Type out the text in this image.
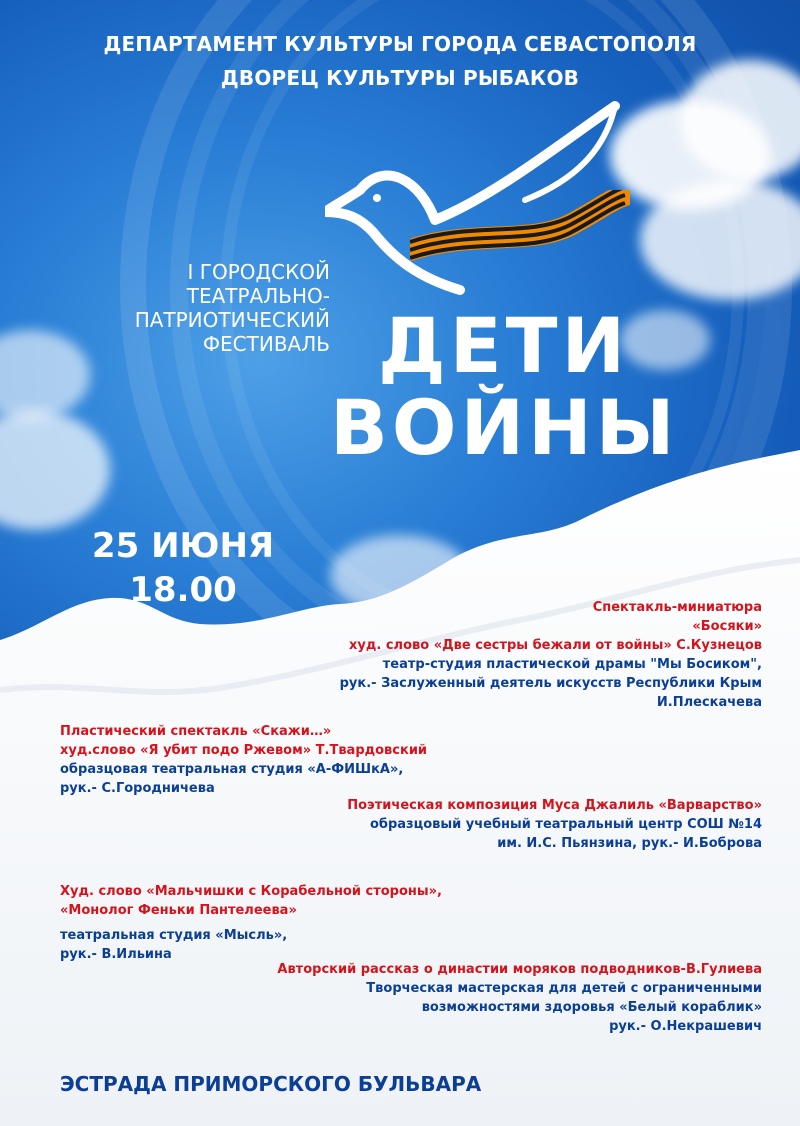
ДЕПАРТАМЕНТ КУЛЬТУРЫ ГОРОДА СЕВАСТОПОЛЯ
ДВОРЕЦ КУЛЬТУРЫ РЫБАКОВ
I ГОРОДСКОЙ
ТЕАТРАЛЬНО-
ПАТРИОТИЧЕСКИЙ
ФЕСТИВАЛЬ ДЕТИ
ВОЙНЫ
25 ИЮНЯ
18.00	Спектакль-миниатюра
«Босяки»
худ. слово «Две сестры бежали от войны» С.Кузнецов
театр-студия пластической драмы "Мы Босиком",
рук.- Заслуженный деятель искусств Республики Крым
И.Плескачева
Пластический спектакль «Скажи…»
худ.слово «Я убит подо Ржевом» Т.Твардовский
образцовая театральная студия «А-ФИШкА»,
рук.- С.Городничева
Поэтическая композиция Муса Джалиль «Варварство»
образцовый учебный театральный центр СОШ №14
им. И.С. Пьянзина, рук.- И.Боброва
Худ. слово «Мальчишки с Корабельной стороны»,
«Монолог Феньки Пантелеева»
театральная студия «Мысль»,
рук.- В.Ильина
Авторский рассказ о династии моряков подводников-В.Гулиева
Творческая мастерская для детей с ограниченными
возможностями здоровья «Белый кораблик»
рук.- О.Некрашевич
ЭСТРАДА ПРИМОРСКОГО БУЛЬВАРА
